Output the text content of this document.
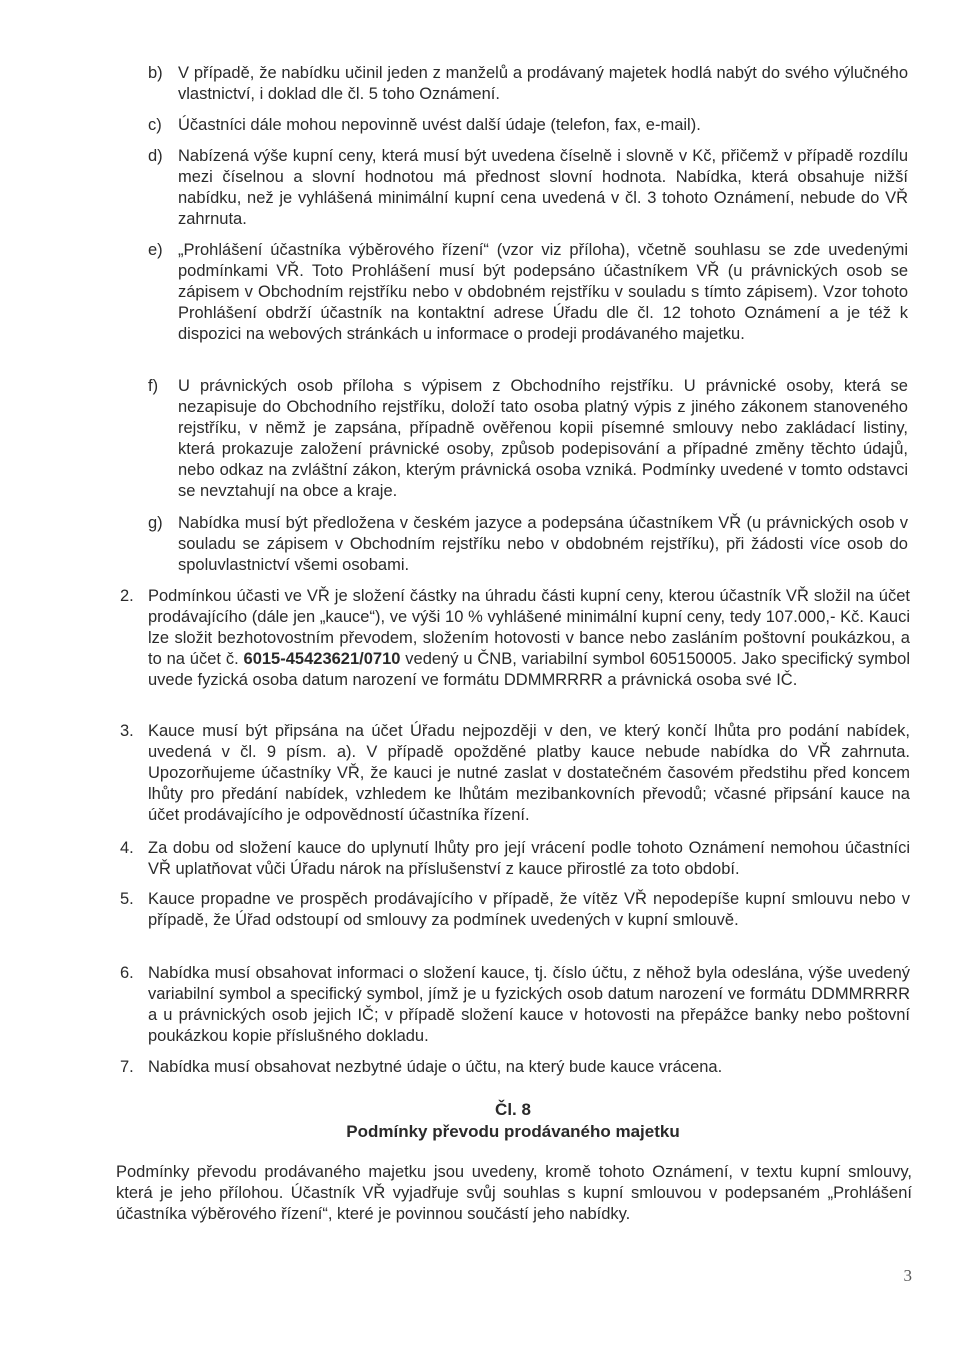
b) V případě, že nabídku učinil jeden z manželů a prodávaný majetek hodlá nabýt do svého výlučného vlastnictví, i doklad dle čl. 5 toho Oznámení.

c) Účastníci dále mohou nepovinně uvést další údaje (telefon, fax, e-mail).

d) Nabízená výše kupní ceny, která musí být uvedena číselně i slovně v Kč, přičemž v případě rozdílu mezi číselnou a slovní hodnotou má přednost slovní hodnota. Nabídka, která obsahuje nižší nabídku, než je vyhlášená minimální kupní cena uvedená v čl. 3 tohoto Oznámení, nebude do VŘ zahrnuta.

e) „Prohlášení účastníka výběrového řízení“ (vzor viz příloha), včetně souhlasu se zde uvedenými podmínkami VŘ. Toto Prohlášení musí být podepsáno účastníkem VŘ (u právnických osob se zápisem v Obchodním rejstříku nebo v obdobném rejstříku v souladu s tímto zápisem). Vzor tohoto Prohlášení obdrží účastník na kontaktní adrese Úřadu dle čl. 12 tohoto Oznámení a je též k dispozici na webových stránkách u informace o prodeji prodávaného majetku.

f) U právnických osob příloha s výpisem z Obchodního rejstříku. U právnické osoby, která se nezapisuje do Obchodního rejstříku, doloží tato osoba platný výpis z jiného zákonem stanoveného rejstříku, v němž je zapsána, případně ověřenou kopii písemné smlouvy nebo zakládací listiny, která prokazuje založení právnické osoby, způsob podepisování a případné změny těchto údajů, nebo odkaz na zvláštní zákon, kterým právnická osoba vzniká. Podmínky uvedené v tomto odstavci se nevztahují na obce a kraje.

g) Nabídka musí být předložena v českém jazyce a podepsána účastníkem VŘ (u právnických osob v souladu se zápisem v Obchodním rejstříku nebo v obdobném rejstříku), při žádosti více osob do spoluvlastnictví všemi osobami.

2. Podmínkou účasti ve VŘ je složení částky na úhradu části kupní ceny, kterou účastník VŘ složil na účet prodávajícího (dále jen „kauce“), ve výši 10 % vyhlášené minimální kupní ceny, tedy 107.000,- Kč. Kauci lze složit bezhotovostním převodem, složením hotovosti v bance nebo zasláním poštovní poukázkou, a to na účet č. 6015-45423621/0710 vedený u ČNB, variabilní symbol 605150005. Jako specifický symbol uvede fyzická osoba datum narození ve formátu DDMMRRRR a právnická osoba své IČ.

3. Kauce musí být připsána na účet Úřadu nejpozději v den, ve který končí lhůta pro podání nabídek, uvedená v čl. 9 písm. a). V případě opožděné platby kauce nebude nabídka do VŘ zahrnuta. Upozorňujeme účastníky VŘ, že kauci je nutné zaslat v dostatečném časovém předstihu před koncem lhůty pro předání nabídek, vzhledem ke lhůtám mezibankovních převodů; včasné připsání kauce na účet prodávajícího je odpovědností účastníka řízení.

4. Za dobu od složení kauce do uplynutí lhůty pro její vrácení podle tohoto Oznámení nemohou účastníci VŘ uplatňovat vůči Úřadu nárok na příslušenství z kauce přirostlé za toto období.

5. Kauce propadne ve prospěch prodávajícího v případě, že vítěz VŘ nepodepíše kupní smlouvu nebo v případě, že Úřad odstoupí od smlouvy za podmínek uvedených v kupní smlouvě.

6. Nabídka musí obsahovat informaci o složení kauce, tj. číslo účtu, z něhož byla odeslána, výše uvedený variabilní symbol a specifický symbol, jímž je u fyzických osob datum narození ve formátu DDMMRRRR a u právnických osob jejich IČ; v případě složení kauce v hotovosti na přepážce banky nebo poštovní poukázkou kopie příslušného dokladu.

7. Nabídka musí obsahovat nezbytné údaje o účtu, na který bude kauce vrácena.

Čl. 8
Podmínky převodu prodávaného majetku

Podmínky převodu prodávaného majetku jsou uvedeny, kromě tohoto Oznámení, v textu kupní smlouvy, která je jeho přílohou. Účastník VŘ vyjadřuje svůj souhlas s kupní smlouvou v podepsaném „Prohlášení účastníka výběrového řízení“, které je povinnou součástí jeho nabídky.

3
